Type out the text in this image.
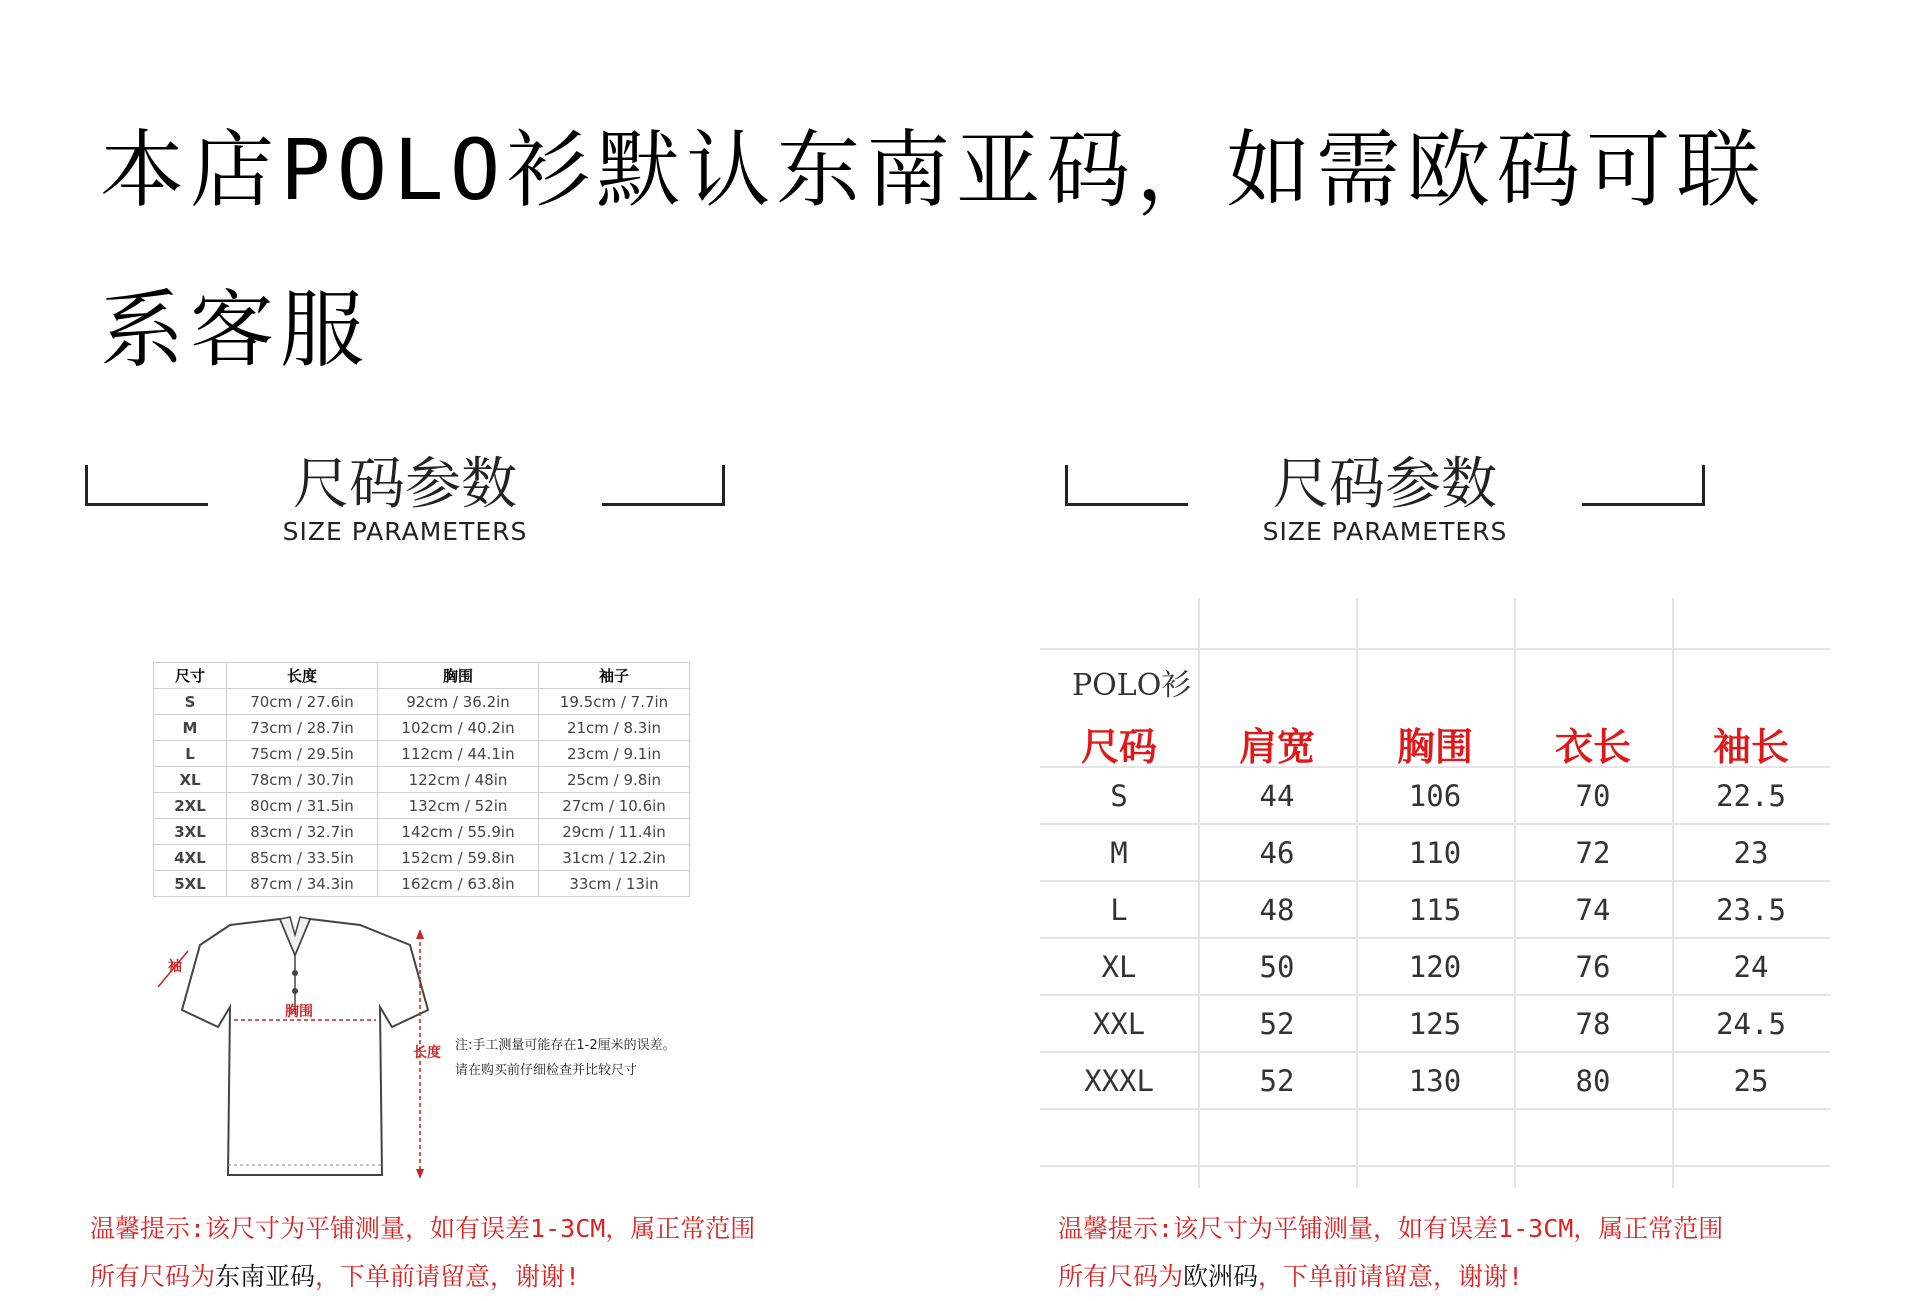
本店POLO衫默认东南亚码，如需欧码可联
系客服
尺码参数
SIZE PARAMETERS
尺码参数
SIZE PARAMETERS
尺寸	长度	胸围	袖子
S	70cm / 27.6in	92cm / 36.2in	19.5cm / 7.7in
M	73cm / 28.7in	102cm / 40.2in	21cm / 8.3in
L	75cm / 29.5in	112cm / 44.1in	23cm / 9.1in
XL	78cm / 30.7in	122cm / 48in	25cm / 9.8in
2XL	80cm / 31.5in	132cm / 52in	27cm / 10.6in
3XL	83cm / 32.7in	142cm / 55.9in	29cm / 11.4in
4XL	85cm / 33.5in	152cm / 59.8in	31cm / 12.2in
5XL	87cm / 34.3in	162cm / 63.8in	33cm / 13in
袖
胸围
长度 注:手工测量可能存在1-2厘米的误差。
请在购买前仔细检查并比较尺寸
温馨提示:该尺寸为平铺测量，如有误差1-3CM，属正常范围
所有尺码为东南亚码，下单前请留意，谢谢!
POLO衫
尺码	肩宽	胸围	衣长	袖长
S	44	106	70	22.5
M	46	110	72	23
L	48	115	74	23.5
XL	50	120	76	24
XXL	52	125	78	24.5
XXXL	52	130	80	25
温馨提示:该尺寸为平铺测量，如有误差1-3CM，属正常范围
所有尺码为欧洲码，下单前请留意，谢谢!
